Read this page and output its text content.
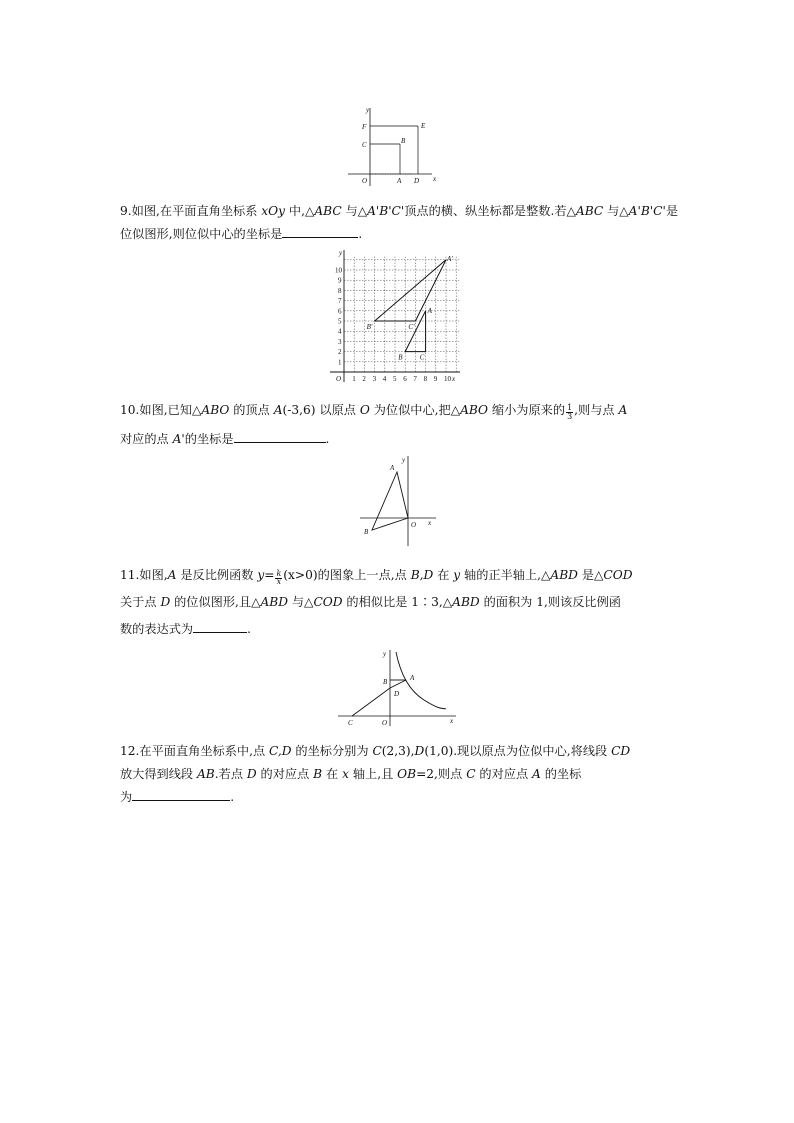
y
F	E
C	B
O	A D x
9.如图,在平面直角坐标系 xOy 中,△ABC 与△A'B'C'顶点的横、纵坐标都是整数.若△ABC 与△A'B'C'是位似图形,则位似中心的坐标是	.
1 2 3 4 5 6 7 8 9 10
1
2
3
4
5
6
7
8
9
10
y
A'
A
B'	C'
B C
O	x
10.如图,已知△ABO 的顶点 A(-3,6) 以原点 O 为位似中心,把△ABO 缩小为原来的 $\frac{1}{3}$ ,则与点 A
对应的点 A'的坐标是	.
A
y
B
O x
11.如图,A 是反比例函数 $y=\frac{k}{x} (x>0)$的图象上一点,点 B,D 在 y 轴的正半轴上,△ABD 是△COD
关于点 D 的位似图形,且△ABD 与△COD 的相似比是 1∶3,△ABD 的面积为 1,则该反比例函
数的表达式为	.
y
B	A
D
C	O	x
12.在平面直角坐标系中,点 C,D 的坐标分别为 C(2,3),D(1,0).现以原点为位似中心,将线段 CD
放大得到线段 AB.若点 D 的对应点 B 在 x 轴上,且 OB=2,则点 C 的对应点 A 的坐标
为	.
